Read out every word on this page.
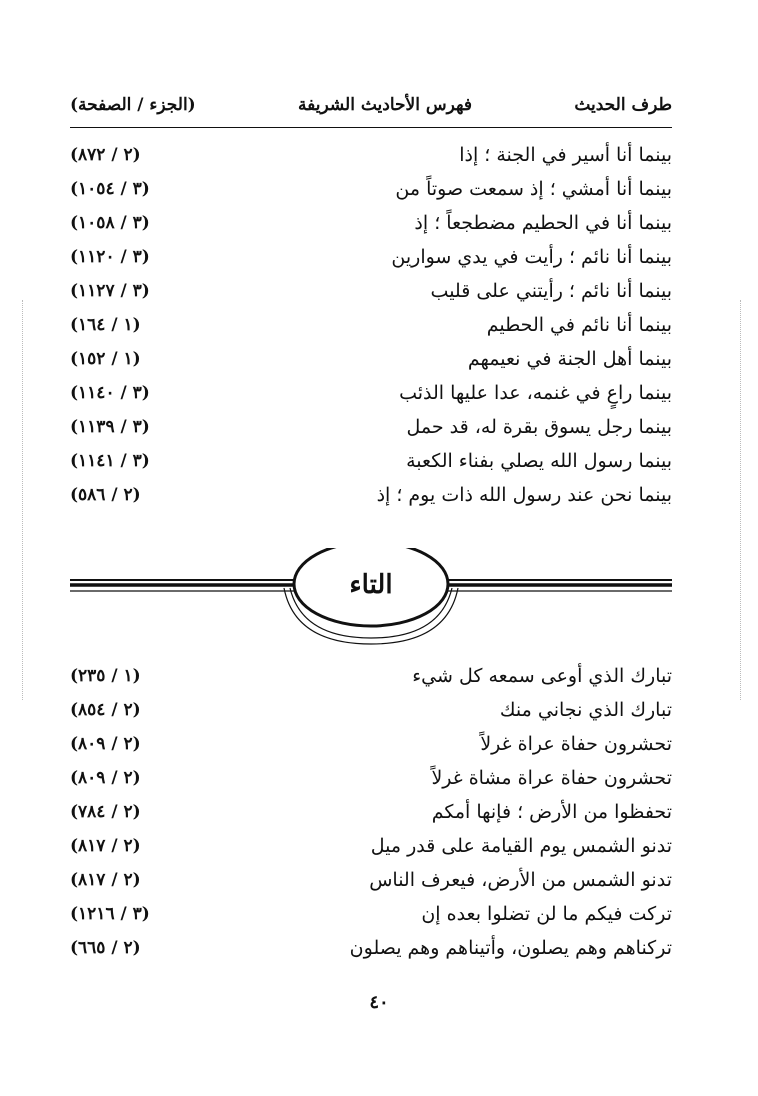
طرف الحديث
فهرس الأحاديث الشريفة
(الجزء / الصفحة)
بينما أنا أسير في الجنة ؛ إذا
(٢ / ٨٧٢)
بينما أنا أمشي ؛ إذ سمعت صوتاً من
(٣ / ١٠٥٤)
بينما أنا في الحطيم مضطجعاً ؛ إذ
(٣ / ١٠٥٨)
بينما أنا نائم ؛ رأيت في يدي سوارين
(٣ / ١١٢٠)
بينما أنا نائم ؛ رأيتني على قليب
(٣ / ١١٢٧)
بينما أنا نائم في الحطيم
(١ / ١٦٤)
بينما أهل الجنة في نعيمهم
(١ / ١٥٢)
بينما راعٍ في غنمه، عدا عليها الذئب
(٣ / ١١٤٠)
بينما رجل يسوق بقرة له، قد حمل
(٣ / ١١٣٩)
بينما رسول الله يصلي بفناء الكعبة
(٣ / ١١٤١)
بينما نحن عند رسول الله ذات يوم ؛ إذ
(٢ / ٥٨٦)
التاء
تبارك الذي أوعى سمعه كل شيء
(١ / ٢٣٥)
تبارك الذي نجاني منك
(٢ / ٨٥٤)
تحشرون حفاة عراة غرلاً
(٢ / ٨٠٩)
تحشرون حفاة عراة مشاة غرلاً
(٢ / ٨٠٩)
تحفظوا من الأرض ؛ فإنها أمكم
(٢ / ٧٨٤)
تدنو الشمس يوم القيامة على قدر ميل
(٢ / ٨١٧)
تدنو الشمس من الأرض، فيعرف الناس
(٢ / ٨١٧)
تركت فيكم ما لن تضلوا بعده إن
(٣ / ١٢١٦)
تركناهم وهم يصلون، وأتيناهم وهم يصلون
(٢ / ٦٦٥)
٤٠
